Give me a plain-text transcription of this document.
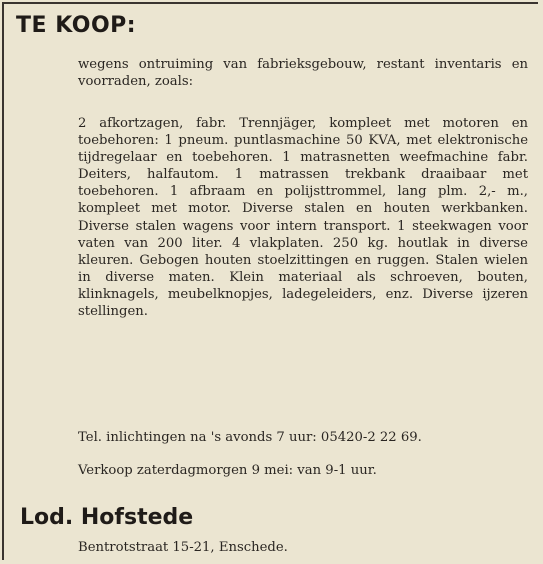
TE KOOP:
wegens ontruiming van fabrieksgebouw, restant inventaris en voorraden, zoals:
2 afkortzagen, fabr. Trennjäger, kompleet met motoren en toebehoren: 1 pneum. puntlasmachine 50 KVA, met elektronische tijdregelaar en toebehoren. 1 matrasnetten weefmachine fabr. Deiters, halfautom. 1 matrassen trekbank draaibaar met toebehoren. 1 afbraam en polijsttrommel, lang plm. 2,- m., kompleet met motor. Diverse stalen en houten werkbanken. Diverse stalen wagens voor intern transport. 1 steekwagen voor vaten van 200 liter. 4 vlakplaten. 250 kg. houtlak in diverse kleuren. Gebogen houten stoelzittingen en ruggen. Stalen wielen in diverse maten. Klein materiaal als schroeven, bouten, klinknagels, meubelknopjes, ladegeleiders, enz. Diverse ijzeren stellingen.
Tel. inlichtingen na 's avonds 7 uur: 05420-2 22 69.
Verkoop zaterdagmorgen 9 mei: van 9-1 uur.
Lod. Hofstede
Bentrotstraat 15-21, Enschede.
